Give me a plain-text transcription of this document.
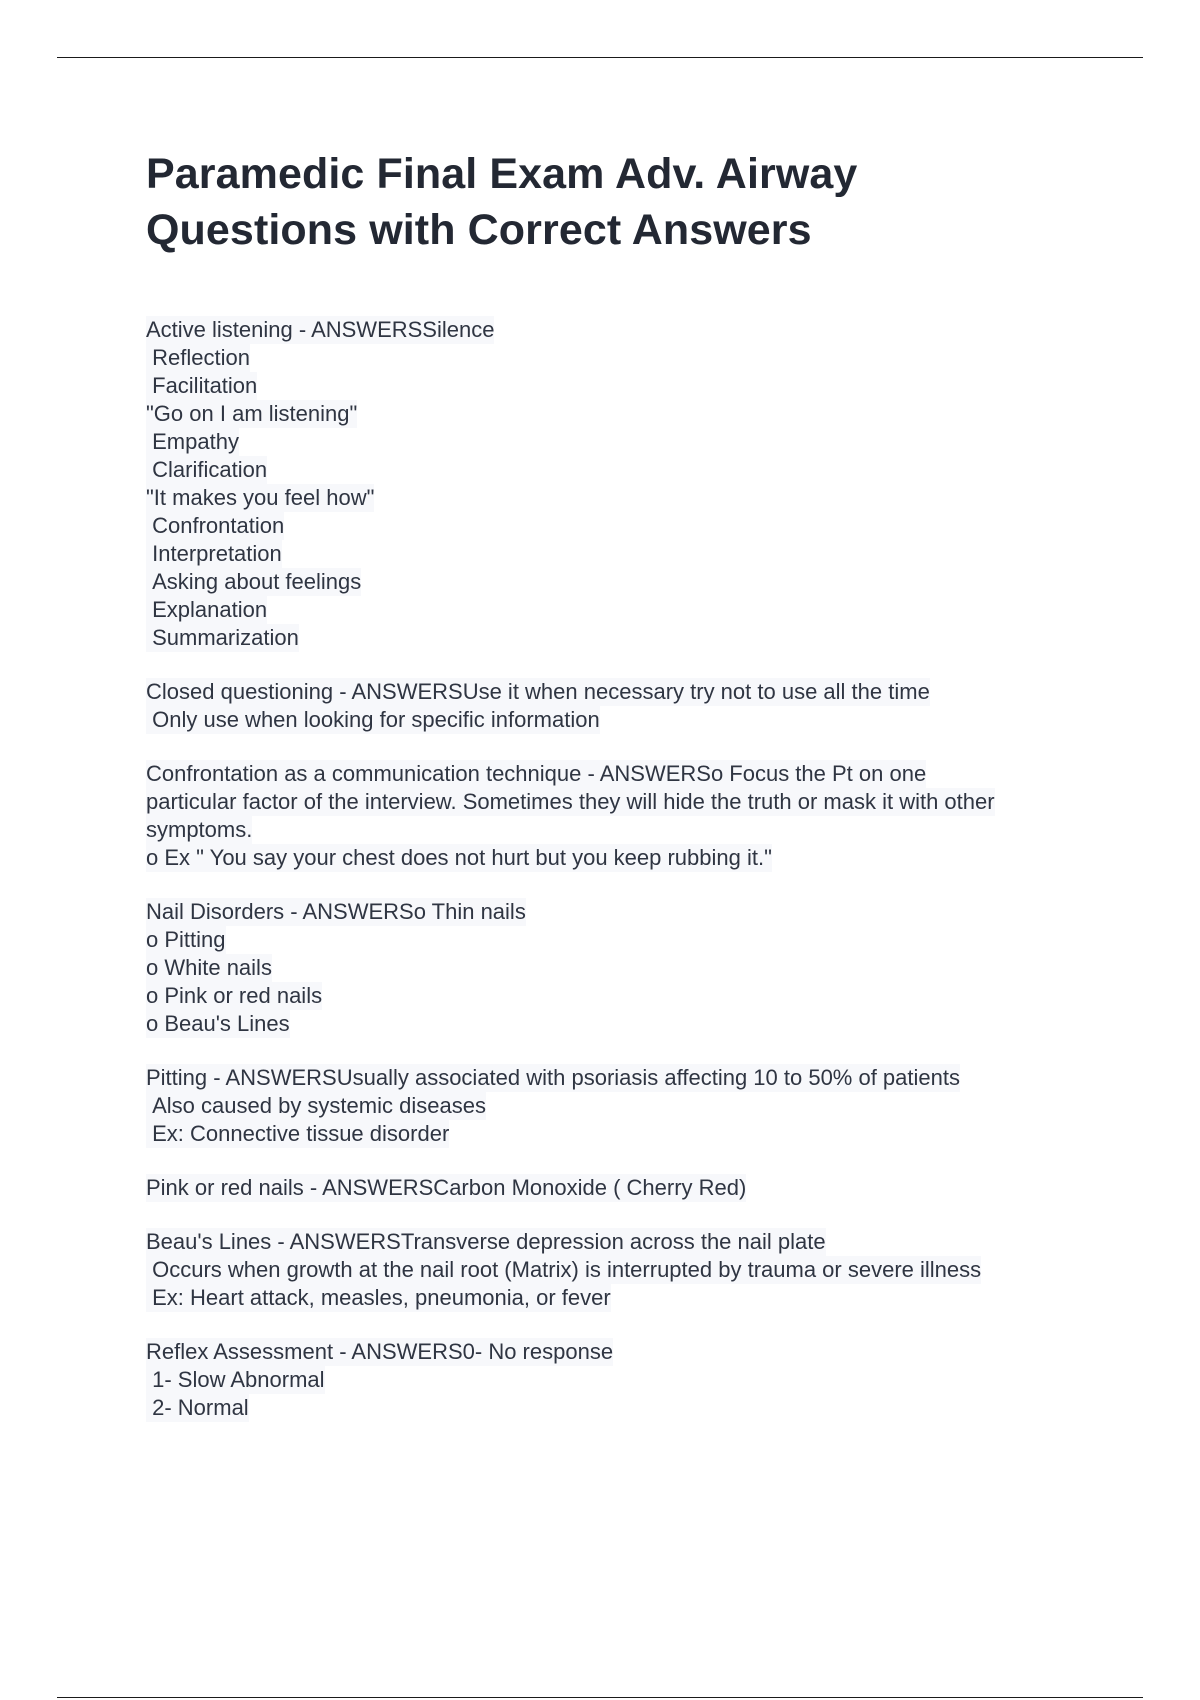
Paramedic Final Exam Adv. Airway
Questions with Correct Answers
Active listening - ANSWERSSilence
Reflection
Facilitation
"Go on I am listening"
Empathy
Clarification
"It makes you feel how"
Confrontation
Interpretation
Asking about feelings
Explanation
Summarization
Closed questioning - ANSWERSUse it when necessary try not to use all the time
Only use when looking for specific information
Confrontation as a communication technique - ANSWERSo Focus the Pt on one
particular factor of the interview. Sometimes they will hide the truth or mask it with other
symptoms.
o Ex " You say your chest does not hurt but you keep rubbing it."
Nail Disorders - ANSWERSo Thin nails
o Pitting
o White nails
o Pink or red nails
o Beau's Lines
Pitting - ANSWERSUsually associated with psoriasis affecting 10 to 50% of patients
Also caused by systemic diseases
Ex: Connective tissue disorder
Pink or red nails - ANSWERSCarbon Monoxide ( Cherry Red)
Beau's Lines - ANSWERSTransverse depression across the nail plate
Occurs when growth at the nail root (Matrix) is interrupted by trauma or severe illness
Ex: Heart attack, measles, pneumonia, or fever
Reflex Assessment - ANSWERS0- No response
1- Slow Abnormal
2- Normal
